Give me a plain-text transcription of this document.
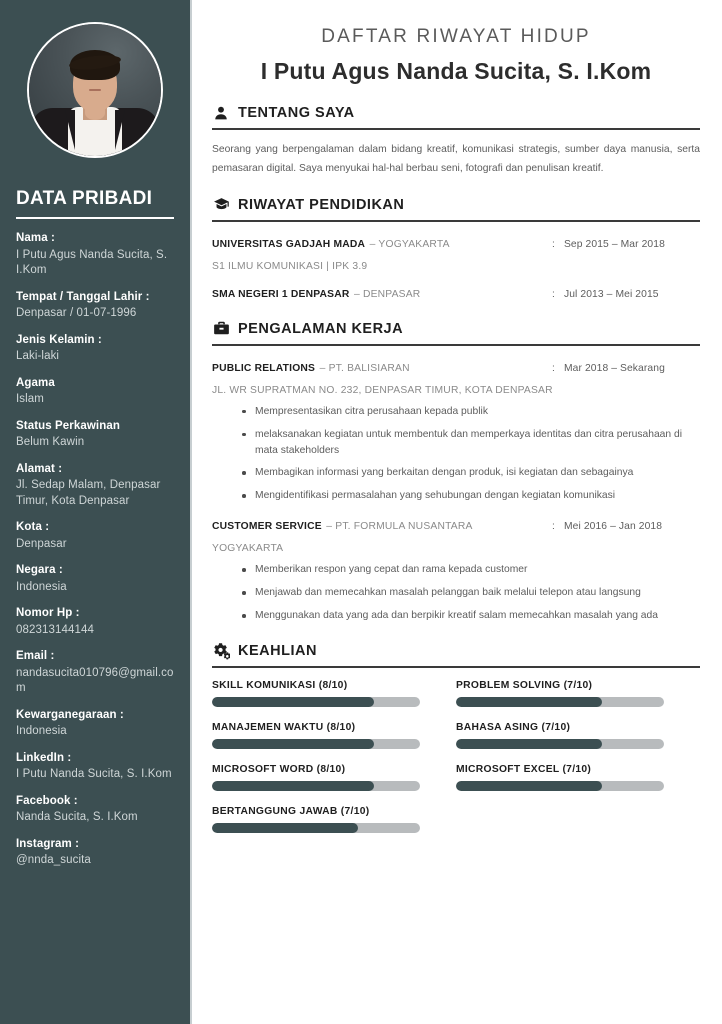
DATA PRIBADI
Nama :
I Putu Agus Nanda Sucita, S. I.Kom
Tempat / Tanggal Lahir :
Denpasar / 01-07-1996
Jenis Kelamin :
Laki-laki
Agama
Islam
Status Perkawinan
Belum Kawin
Alamat :
Jl. Sedap Malam, Denpasar Timur, Kota Denpasar
Kota :
Denpasar
Negara :
Indonesia
Nomor Hp :
082313144144
Email :
nandasucita010796@gmail.com
Kewarganegaraan :
Indonesia
LinkedIn :
I Putu Nanda Sucita, S. I.Kom
Facebook :
Nanda Sucita, S. I.Kom
Instagram :
@nnda_sucita
DAFTAR RIWAYAT HIDUP
I Putu Agus Nanda Sucita, S. I.Kom
TENTANG SAYA

Seorang yang berpengalaman dalam bidang kreatif, komunikasi strategis, sumber daya manusia, serta pemasaran digital. Saya menyukai hal-hal berbau seni, fotografi dan penulisan kreatif.

RIWAYAT PENDIDIKAN
UNIVERSITAS GADJAH MADA – YOGYAKARTA	: Sep 2015 – Mar 2018
S1 ILMU KOMUNIKASI | IPK 3.9
SMA NEGERI 1 DENPASAR – DENPASAR	: Jul 2013 – Mei 2015
PENGALAMAN KERJA
PUBLIC RELATIONS – PT. BALISIARAN	: Mar 2018 – Sekarang
JL. WR SUPRATMAN NO. 232, DENPASAR TIMUR, KOTA DENPASAR
Mempresentasikan citra perusahaan kepada publik
melaksanakan kegiatan untuk membentuk dan memperkaya identitas dan citra perusahaan di mata stakeholders
Membagikan informasi yang berkaitan dengan produk, isi kegiatan dan sebagainya
Mengidentifikasi permasalahan yang sehubungan dengan kegiatan komunikasi
CUSTOMER SERVICE – PT. FORMULA NUSANTARA	: Mei 2016 – Jan 2018
YOGYAKARTA
Memberikan respon yang cepat dan rama kepada customer
Menjawab dan memecahkan masalah pelanggan baik melalui telepon atau langsung
Menggunakan data yang ada dan berpikir kreatif salam memecahkan masalah yang ada
KEAHLIAN
SKILL KOMUNIKASI (8/10)	PROBLEM SOLVING (7/10)
MANAJEMEN WAKTU (8/10)	BAHASA ASING (7/10)
MICROSOFT WORD (8/10)	MICROSOFT EXCEL (7/10)
BERTANGGUNG JAWAB (7/10)
